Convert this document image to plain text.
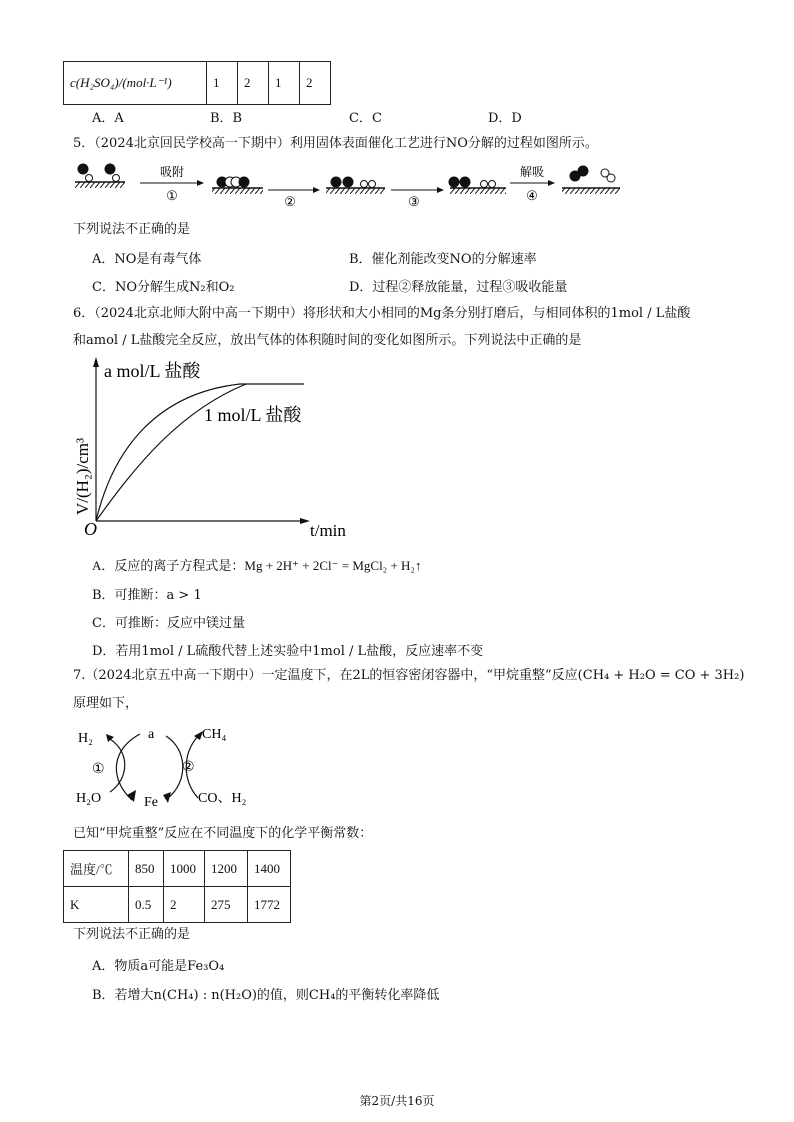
c(H₂SO₄)/(mol·L⁻¹)	1	2	1	2
A．A	B．B	C．C	D．D
5．（2024北京回民学校高一下期中）利用固体表面催化工艺进行NO分解的过程如图所示。
吸附
①	②	③
解吸
④
下列说法不正确的是
A．NO是有毒气体	B．催化剂能改变NO的分解速率
C．NO分解生成N₂和O₂	D．过程②释放能量，过程③吸收能量
6．（2024北京北师大附中高一下期中）将形状和大小相同的Mg条分别打磨后，与相同体积的1mol / L盐酸
和amol / L盐酸完全反应，放出气体的体积随时间的变化如图所示。下列说法中正确的是
O	t/min
V/(H₂)/cm³
a mol/L 盐酸
1 mol/L 盐酸
A．反应的离子方程式是：Mg + 2H⁺ + 2Cl⁻ = MgCl₂ + H₂↑
B．可推断：a > 1
C．可推断：反应中镁过量
D．若用1mol / L硫酸代替上述实验中1mol / L盐酸，反应速率不变
7.（2024北京五中高一下期中）一定温度下，在2L的恒容密闭容器中，“甲烷重整”反应(CH₄ + H₂O = CO + 3H₂)
原理如下，
H₂	a	CH₄
H₂O	Fe	CO、H₂
①	②
已知“甲烷重整”反应在不同温度下的化学平衡常数：
温度/℃	850	1000	1200	1400
K	0.5	2	275	1772
下列说法不正确的是
A．物质a可能是Fe₃O₄
B．若增大n(CH₄) : n(H₂O)的值，则CH₄的平衡转化率降低
第2页/共16页
